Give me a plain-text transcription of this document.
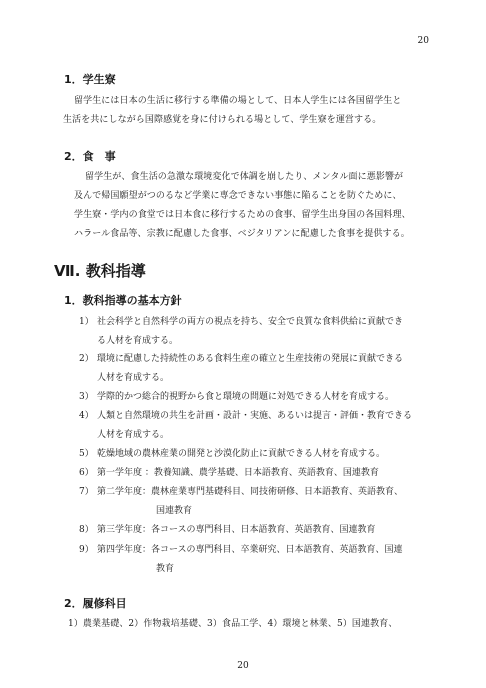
20
1．学生寮
留学生には日本の生活に移行する準備の場として、日本人学生には各国留学生と
生活を共にしながら国際感覚を身に付けられる場として、学生寮を運営する。
2．食　事
留学生が、食生活の急激な環境変化で体調を崩したり、メンタル面に悪影響が
及んで帰国願望がつのるなど学業に専念できない事態に陥ることを防ぐために、
学生寮・学内の食堂では日本食に移行するための食事、留学生出身国の各国料理、
ハラール食品等、宗教に配慮した食事、ベジタリアンに配慮した食事を提供する。
Ⅶ. 教科指導
1．教科指導の基本方針
1） 社会科学と自然科学の両方の視点を持ち、安全で良質な食料供給に貢献でき
る人材を育成する。
2） 環境に配慮した持続性のある食料生産の確立と生産技術の発展に貢献できる
人材を育成する。
3） 学際的かつ総合的視野から食と環境の問題に対処できる人材を育成する。
4） 人類と自然環境の共生を計画・設計・実施、あるいは提言・評価・教育できる
人材を育成する。
5） 乾燥地域の農林産業の開発と沙漠化防止に貢献できる人材を育成する。
6） 第一学年度 ：教養知識、農学基礎、日本語教育、英語教育、国連教育
7） 第二学年度：農林産業専門基礎科目、同技術研修、日本語教育、英語教育、
国連教育
8） 第三学年度：各コースの専門科目、日本語教育、英語教育、国連教育
9） 第四学年度：各コースの専門科目、卒業研究、日本語教育、英語教育、国連
教育
2．履修科目
1）農業基礎、2）作物栽培基礎、3）食品工学、4）環境と林業、5）国連教育、
20
